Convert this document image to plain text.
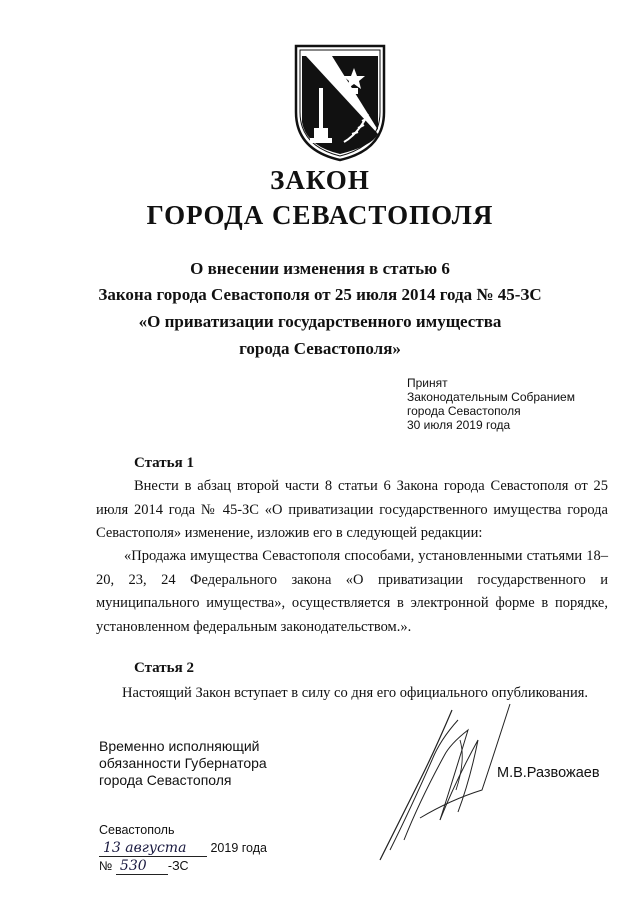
ЗАКОН
ГОРОДА СЕВАСТОПОЛЯ
О внесении изменения в статью 6
Закона города Севастополя от 25 июля 2014 года № 45-ЗС
«О приватизации государственного имущества
города Севастополя»
Принят
Законодательным Собранием
города Севастополя
30 июля 2019 года
Статья 1
Внести в абзац второй части 8 статьи 6 Закона города Севастополя от 25 июля 2014 года № 45-ЗС «О приватизации государственного имущества города Севастополя» изменение, изложив его в следующей редакции:
«Продажа имущества Севастополя способами, установленными статьями 18–20, 23, 24 Федерального закона «О приватизации государственного и муниципального имущества», осуществляется в электронной форме в порядке, установленном федеральным законодательством.».
Статья 2
Настоящий Закон вступает в силу со дня его официального опубликования.
Временно исполняющий
обязанности Губернатора
города Севастополя	М.В.Развожаев
Севастополь
13 августа 2019 года
№ 530 -ЗС
